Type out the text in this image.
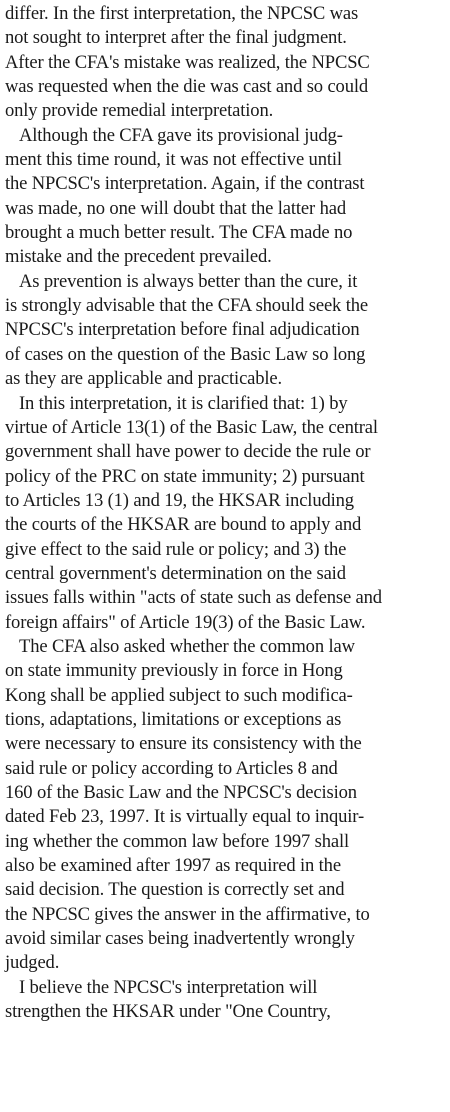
differ. In the first interpretation, the NPCSC was
not sought to interpret after the final judgment.
After the CFA's mistake was realized, the NPCSC
was requested when the die was cast and so could
only provide remedial interpretation.
Although the CFA gave its provisional judg-
ment this time round, it was not effective until
the NPCSC's interpretation. Again, if the contrast
was made, no one will doubt that the latter had
brought a much better result. The CFA made no
mistake and the precedent prevailed.
As prevention is always better than the cure, it
is strongly advisable that the CFA should seek the
NPCSC's interpretation before final adjudication
of cases on the question of the Basic Law so long
as they are applicable and practicable.
In this interpretation, it is clarified that: 1) by
virtue of Article 13(1) of the Basic Law, the central
government shall have power to decide the rule or
policy of the PRC on state immunity; 2) pursuant
to Articles 13 (1) and 19, the HKSAR including
the courts of the HKSAR are bound to apply and
give effect to the said rule or policy; and 3) the
central government's determination on the said
issues falls within "acts of state such as defense and
foreign affairs" of Article 19(3) of the Basic Law.
The CFA also asked whether the common law
on state immunity previously in force in Hong
Kong shall be applied subject to such modifica-
tions, adaptations, limitations or exceptions as
were necessary to ensure its consistency with the
said rule or policy according to Articles 8 and
160 of the Basic Law and the NPCSC's decision
dated Feb 23, 1997. It is virtually equal to inquir-
ing whether the common law before 1997 shall
also be examined after 1997 as required in the
said decision. The question is correctly set and
the NPCSC gives the answer in the affirmative, to
avoid similar cases being inadvertently wrongly
judged.
I believe the NPCSC's interpretation will
strengthen the HKSAR under "One Country,
